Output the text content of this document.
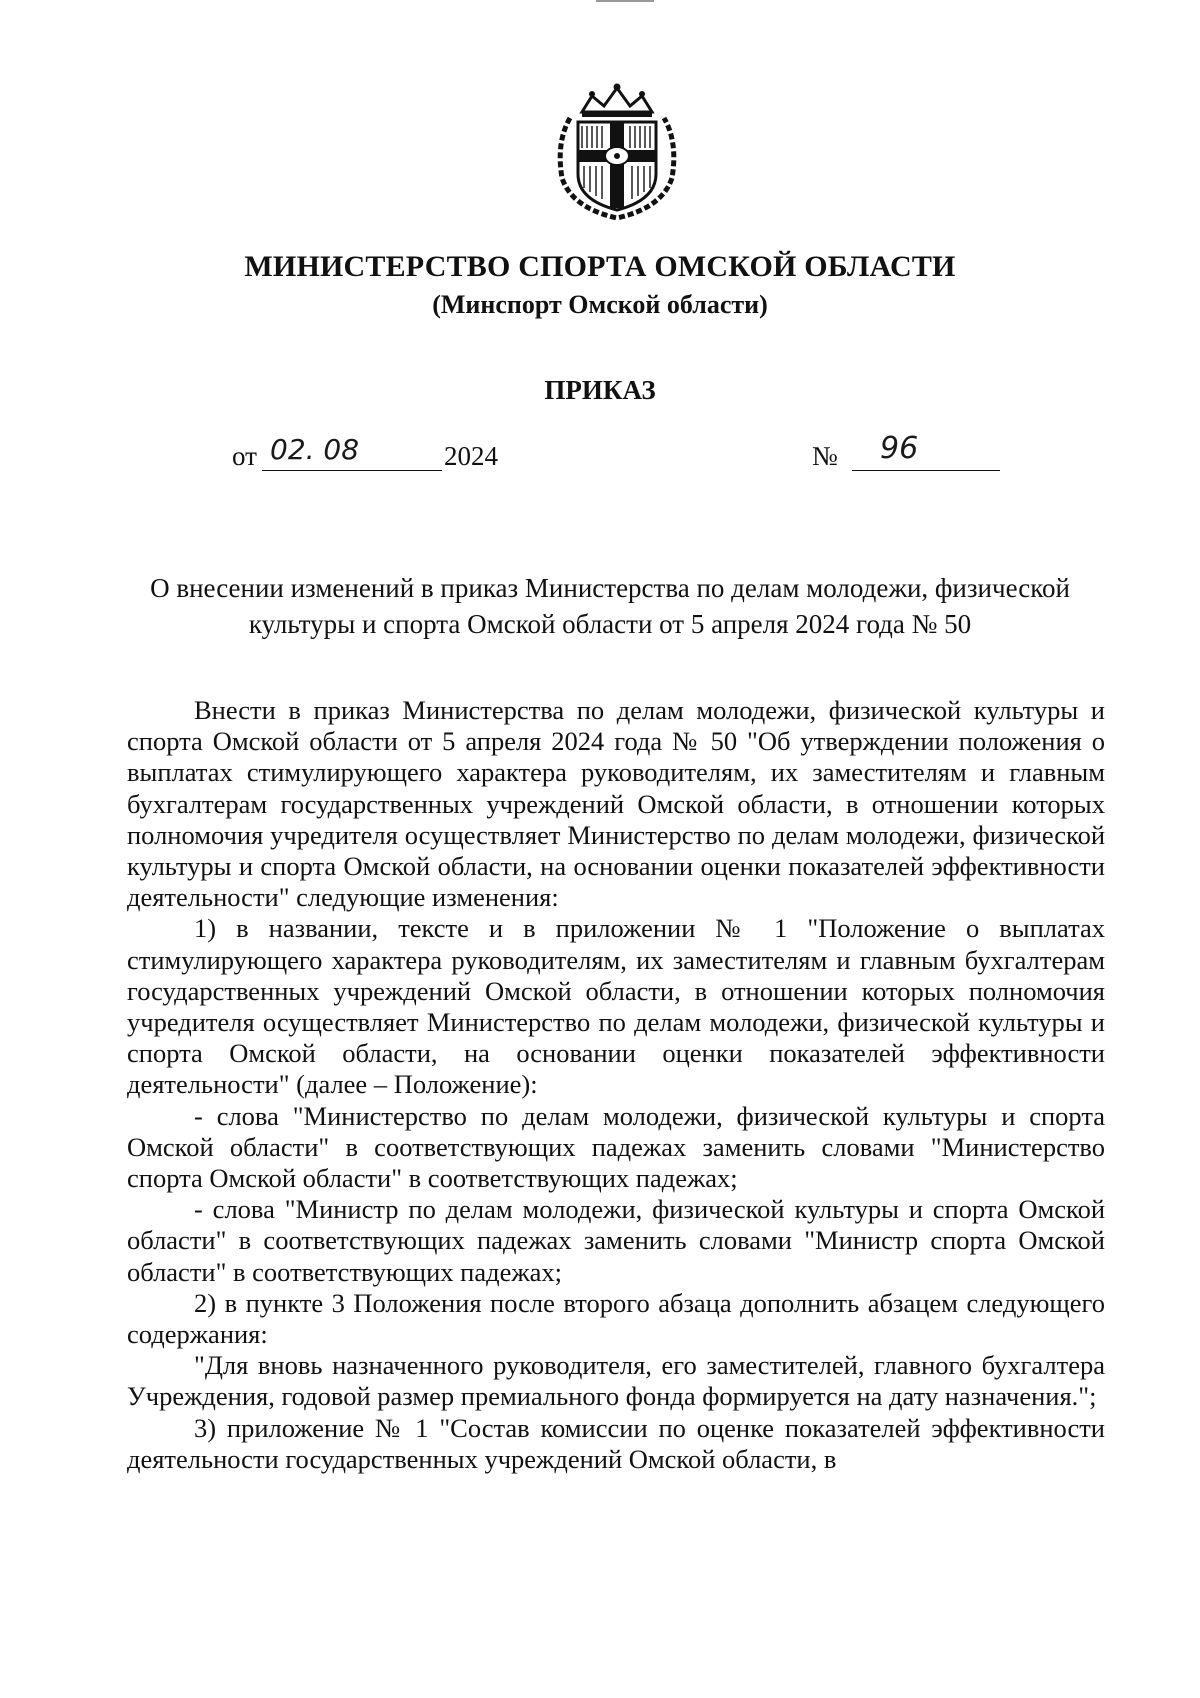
МИНИСТЕРСТВО СПОРТА ОМСКОЙ ОБЛАСТИ
(Минспорт Омской области)
ПРИКАЗ
от 02. 08	2024	№ 96
О внесении изменений в приказ Министерства по делам молодежи, физической культуры и спорта Омской области от 5 апреля 2024 года № 50

Внести в приказ Министерства по делам молодежи, физической культуры и спорта Омской области от 5 апреля 2024 года № 50 "Об утверждении положения о выплатах стимулирующего характера руководителям, их заместителям и главным бухгалтерам государственных учреждений Омской области, в отношении которых полномочия учредителя осуществляет Министерство по делам молодежи, физической культуры и спорта Омской области, на основании оценки показателей эффективности деятельности" следующие изменения:

1) в названии, тексте и в приложении № 1 "Положение о выплатах стимулирующего характера руководителям, их заместителям и главным бухгалтерам государственных учреждений Омской области, в отношении которых полномочия учредителя осуществляет Министерство по делам молодежи, физической культуры и спорта Омской области, на основании оценки показателей эффективности деятельности" (далее – Положение):

- слова "Министерство по делам молодежи, физической культуры и спорта Омской области" в соответствующих падежах заменить словами "Министерство спорта Омской области" в соответствующих падежах;

- слова "Министр по делам молодежи, физической культуры и спорта Омской области" в соответствующих падежах заменить словами "Министр спорта Омской области" в соответствующих падежах;

2) в пункте 3 Положения после второго абзаца дополнить абзацем следующего содержания:

"Для вновь назначенного руководителя, его заместителей, главного бухгалтера Учреждения, годовой размер премиального фонда формируется на дату назначения.";

3) приложение № 1 "Состав комиссии по оценке показателей эффективности деятельности государственных учреждений Омской области, в
